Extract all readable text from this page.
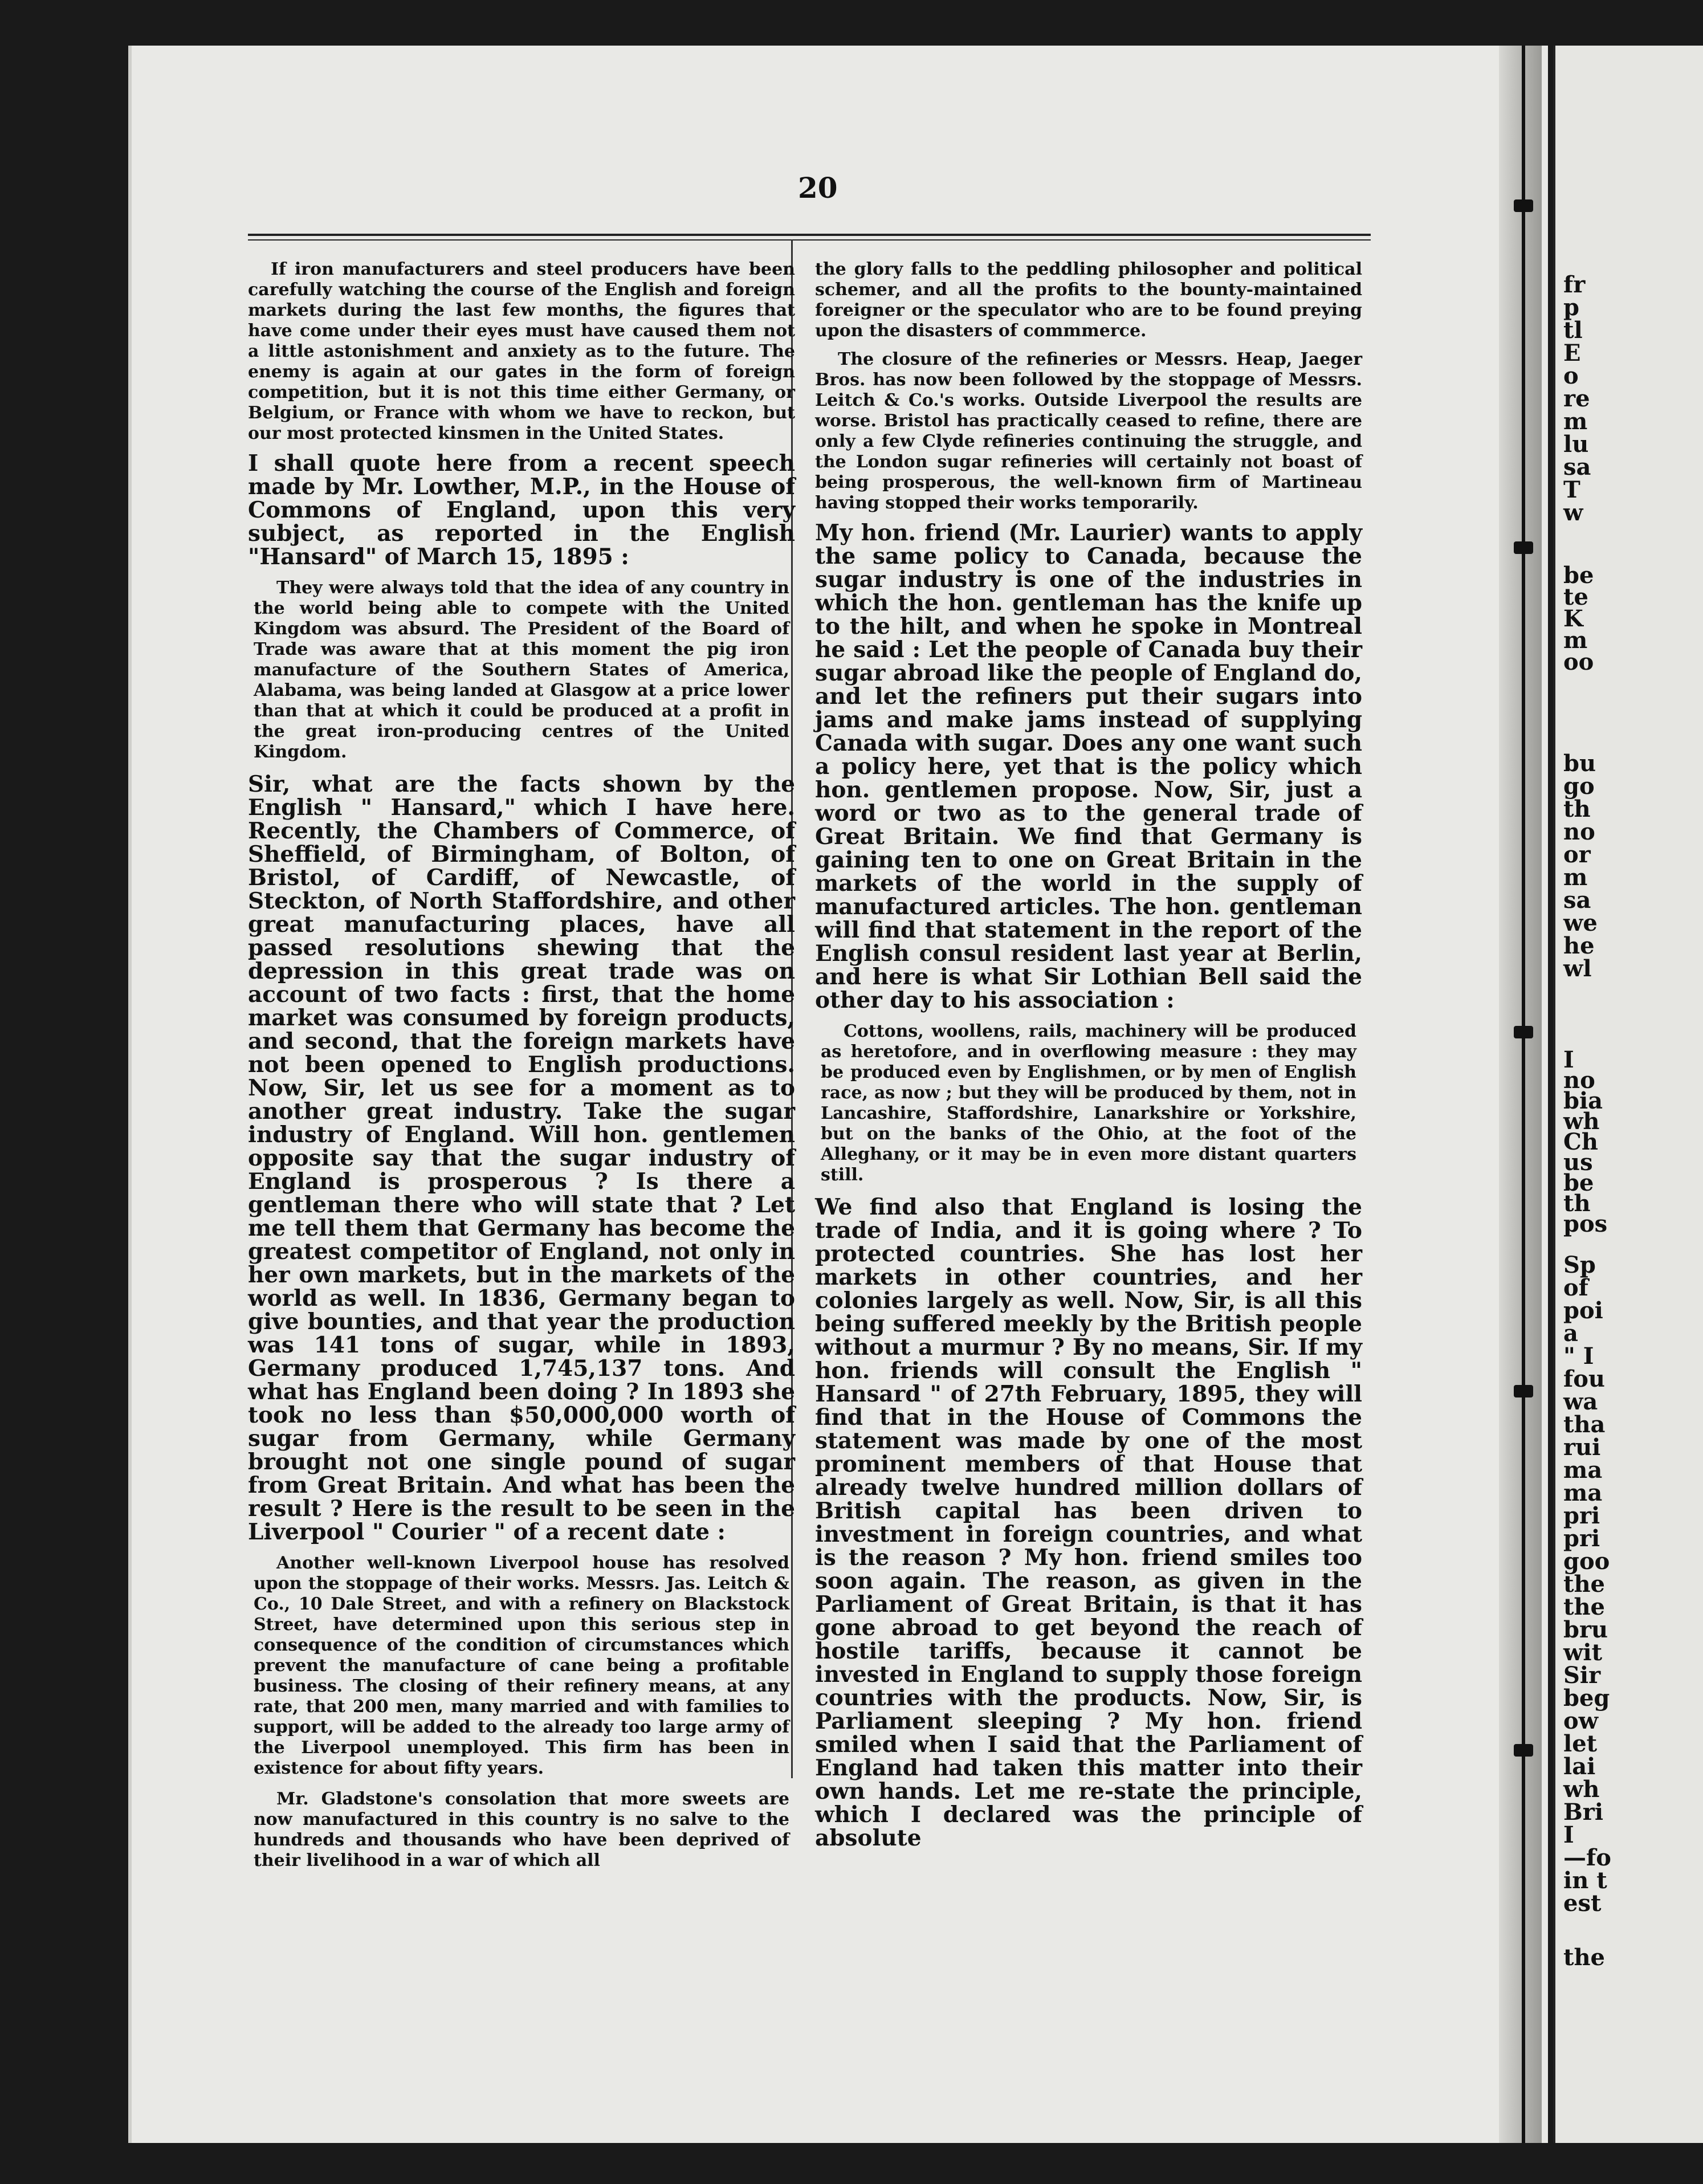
20

If iron manufacturers and steel producers have been carefully watching the course of the English and foreign markets during the last few months, the figures that have come under their eyes must have caused them not a little astonishment and anxiety as to the future. The enemy is again at our gates in the form of foreign competition, but it is not this time either Germany, or Belgium, or France with whom we have to reckon, but our most protected kinsmen in the United States.

I shall quote here from a recent speech made by Mr. Lowther, M.P., in the House of Commons of England, upon this very subject, as reported in the English "Hansard" of March 15, 1895 :

They were always told that the idea of any country in the world being able to compete with the United Kingdom was absurd. The President of the Board of Trade was aware that at this moment the pig iron manufacture of the Southern States of America, Alabama, was being landed at Glasgow at a price lower than that at which it could be produced at a profit in the great iron-producing centres of the United Kingdom.

Sir, what are the facts shown by the English " Hansard," which I have here. Recently, the Chambers of Commerce, of Sheffield, of Birmingham, of Bolton, of Bristol, of Cardiff, of Newcastle, of Steckton, of North Staffordshire, and other great manufacturing places, have all passed resolutions shewing that the depression in this great trade was on account of two facts : first, that the home market was consumed by foreign products, and second, that the foreign markets have not been opened to English productions. Now, Sir, let us see for a moment as to another great industry. Take the sugar industry of England. Will hon. gentlemen opposite say that the sugar industry of England is prosperous ? Is there a gentleman there who will state that ? Let me tell them that Germany has become the greatest competitor of England, not only in her own markets, but in the markets of the world as well. In 1836, Germany began to give bounties, and that year the production was 141 tons of sugar, while in 1893, Germany produced 1,745,137 tons. And what has England been doing ? In 1893 she took no less than $50,000,000 worth of sugar from Germany, while Germany brought not one single pound of sugar from Great Britain. And what has been the result ? Here is the result to be seen in the Liverpool " Courier " of a recent date :

Another well-known Liverpool house has resolved upon the stoppage of their works. Messrs. Jas. Leitch & Co., 10 Dale Street, and with a refinery on Blackstock Street, have determined upon this serious step in consequence of the condition of circumstances which prevent the manufacture of cane being a profitable business. The closing of their refinery means, at any rate, that 200 men, many married and with families to support, will be added to the already too large army of the Liverpool unemployed. This firm has been in existence for about fifty years.

Mr. Gladstone's consolation that more sweets are now manufactured in this country is no salve to the hundreds and thousands who have been deprived of their livelihood in a war of which all

the glory falls to the peddling philosopher and political schemer, and all the profits to the bounty-maintained foreigner or the speculator who are to be found preying upon the disasters of commmerce.

The closure of the refineries or Messrs. Heap, Jaeger Bros. has now been followed by the stoppage of Messrs. Leitch & Co.'s works. Outside Liverpool the results are worse. Bristol has practically ceased to refine, there are only a few Clyde refineries continuing the struggle, and the London sugar refineries will certainly not boast of being prosperous, the well-known firm of Martineau having stopped their works temporarily.

My hon. friend (Mr. Laurier) wants to apply the same policy to Canada, because the sugar industry is one of the industries in which the hon. gentleman has the knife up to the hilt, and when he spoke in Montreal he said : Let the people of Canada buy their sugar abroad like the people of England do, and let the refiners put their sugars into jams and make jams instead of supplying Canada with sugar. Does any one want such a policy here, yet that is the policy which hon. gentlemen propose. Now, Sir, just a word or two as to the general trade of Great Britain. We find that Germany is gaining ten to one on Great Britain in the markets of the world in the supply of manufactured articles. The hon. gentleman will find that statement in the report of the English consul resident last year at Berlin, and here is what Sir Lothian Bell said the other day to his association :

Cottons, woollens, rails, machinery will be produced as heretofore, and in overflowing measure : they may be produced even by Englishmen, or by men of English race, as now ; but they will be produced by them, not in Lancashire, Staffordshire, Lanarkshire or Yorkshire, but on the banks of the Ohio, at the foot of the Alleghany, or it may be in even more distant quarters still.

We find also that England is losing the trade of India, and it is going where ? To protected countries. She has lost her markets in other countries, and her colonies largely as well. Now, Sir, is all this being suffered meekly by the British people without a murmur ? By no means, Sir. If my hon. friends will consult the English " Hansard " of 27th February, 1895, they will find that in the House of Commons the statement was made by one of the most prominent members of that House that already twelve hundred million dollars of British capital has been driven to investment in foreign countries, and what is the reason ? My hon. friend smiles too soon again. The reason, as given in the Parliament of Great Britain, is that it has gone abroad to get beyond the reach of hostile tariffs, because it cannot be invested in England to supply those foreign countries with the products. Now, Sir, is Parliament sleeping ? My hon. friend smiled when I said that the Parliament of England had taken this matter into their own hands. Let me re-state the principle, which I declared was the principle of absolute

fr
p
tl
E
o
re
m
lu
sa
T
w
be
te
K
m
oo
bu
go
th
no
or
m
sa
we
he
wl
I
no
bia
wh
Ch
us
be
th
pos
Sp
of
poi
a
" I
fou
wa
tha
rui
ma
ma
pri
pri
goo
the
the
bru
wit
Sir
beg
ow
let
lai
wh
Bri
I
—fo
in t
est
the
